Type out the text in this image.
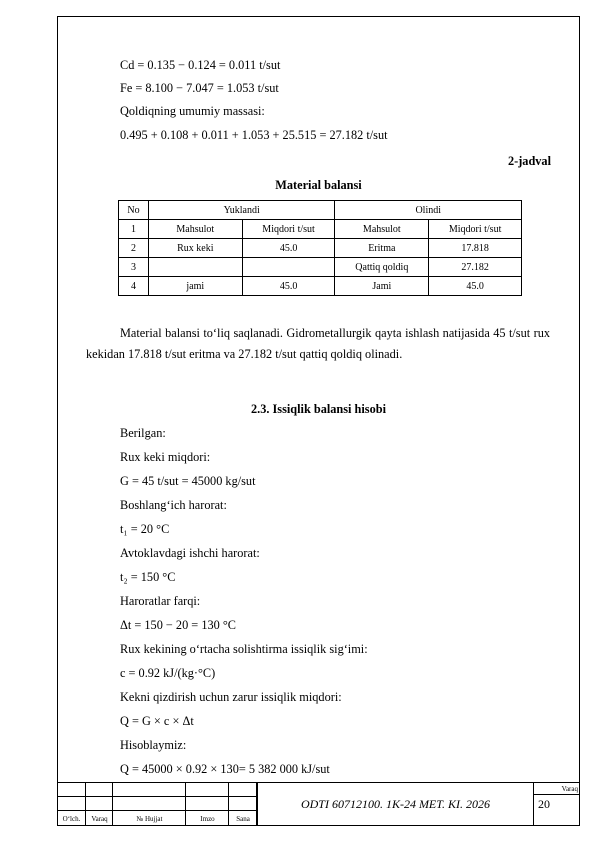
Cd = 0.135 − 0.124 = 0.011 t/sut
Fe = 8.100 − 7.047 = 1.053 t/sut
Qoldiqning umumiy massasi:
0.495 + 0.108 + 0.011 + 1.053 + 25.515 = 27.182 t/sut
2-jadval
Material balansi
No	Yuklandi		Olindi	
1	Mahsulot	Miqdori t/sut	Mahsulot	Miqdori t/sut
2	Rux keki	45.0	Eritma	17.818
3			Qattiq qoldiq	27.182
4	jami	45.0	Jami	45.0
Material balansi to‘liq saqlanadi. Gidrometallurgik qayta ishlash natijasida 45 t/sut rux kekidan 17.818 t/sut eritma va 27.182 t/sut qattiq qoldiq olinadi.
2.3. Issiqlik balansi hisobi
Berilgan:
Rux keki miqdori:
G = 45 t/sut = 45000 kg/sut
Boshlang‘ich harorat:
t₁ = 20 °C
Avtoklavdagi ishchi harorat:
t₂ = 150 °C
Haroratlar farqi:
Δt = 150 − 20 = 130 °C
Rux kekining o‘rtacha solishtirma issiqlik sig‘imi:
c = 0.92 kJ/(kg·°C)
Kekni qizdirish uchun zarur issiqlik miqdori:
Q = G × c × Δt
Hisoblaymiz:
Q = 45000 × 0.92 × 130= 5 382 000 kJ/sut
O‘lch.	Varaq	№ Hujjat	Imzo	Sana
ODTI 60712100. 1K-24 MET. KI. 2026
Varaq
20
